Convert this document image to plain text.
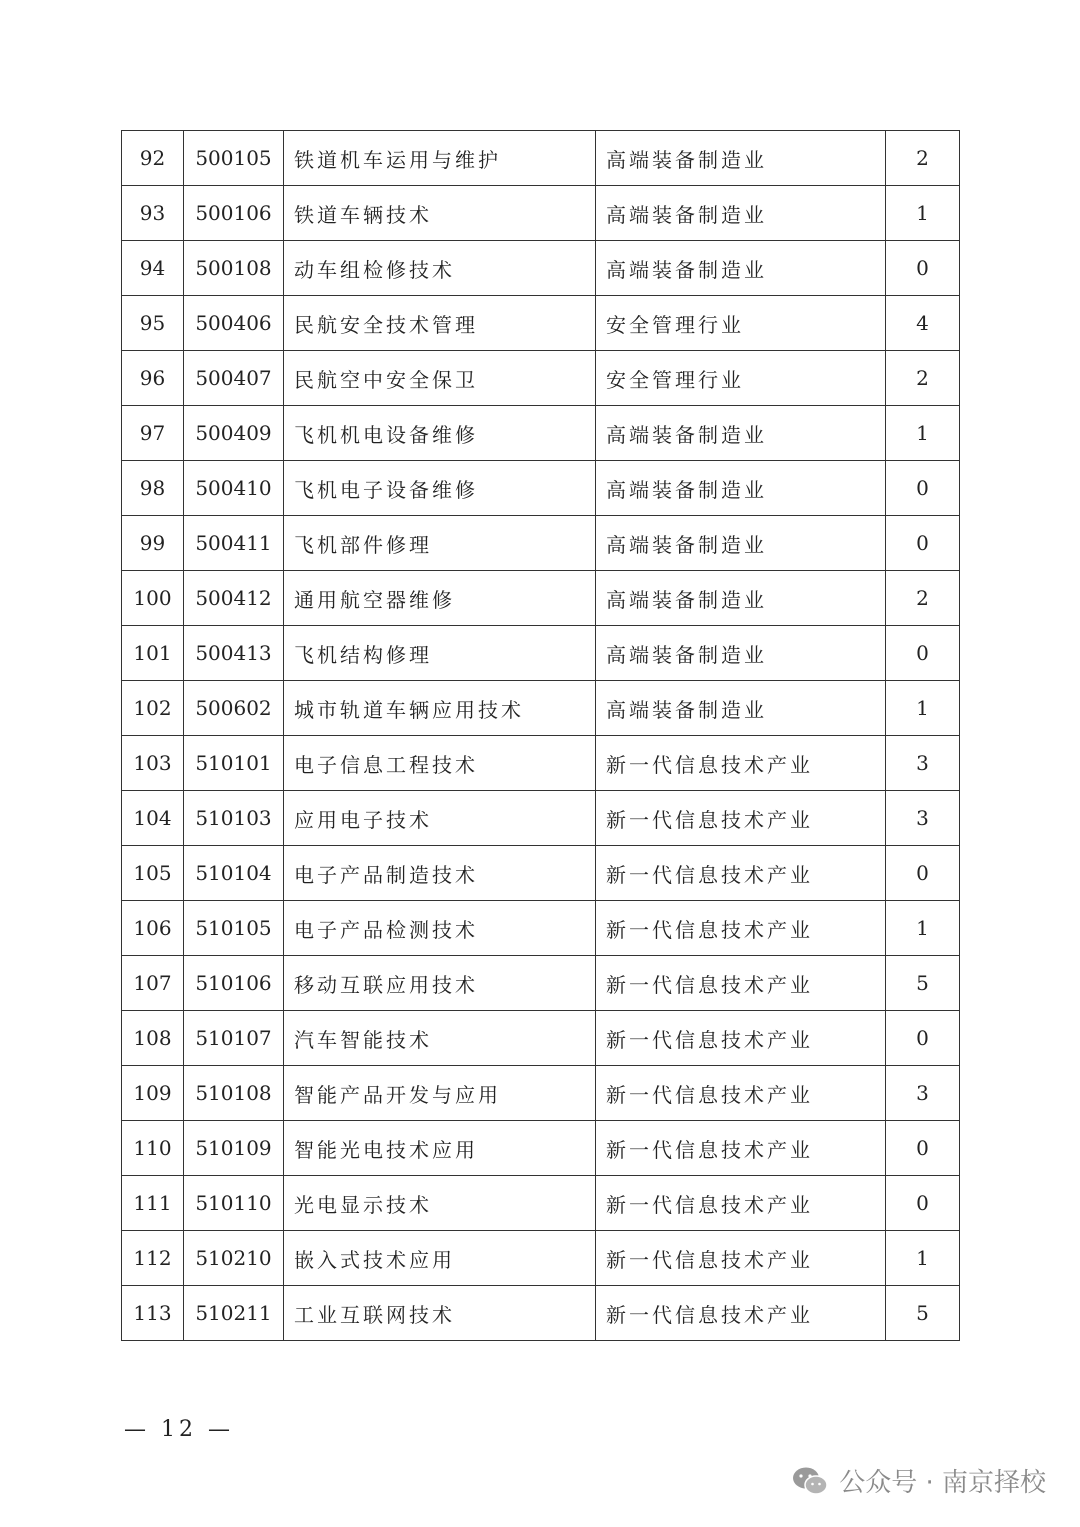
92	500105	铁道机车运用与维护	高端装备制造业	2
93	500106	铁道车辆技术	高端装备制造业	1
94	500108	动车组检修技术	高端装备制造业	0
95	500406	民航安全技术管理	安全管理行业	4
96	500407	民航空中安全保卫	安全管理行业	2
97	500409	飞机机电设备维修	高端装备制造业	1
98	500410	飞机电子设备维修	高端装备制造业	0
99	500411	飞机部件修理	高端装备制造业	0
100	500412	通用航空器维修	高端装备制造业	2
101	500413	飞机结构修理	高端装备制造业	0
102	500602	城市轨道车辆应用技术	高端装备制造业	1
103	510101	电子信息工程技术	新一代信息技术产业	3
104	510103	应用电子技术	新一代信息技术产业	3
105	510104	电子产品制造技术	新一代信息技术产业	0
106	510105	电子产品检测技术	新一代信息技术产业	1
107	510106	移动互联应用技术	新一代信息技术产业	5
108	510107	汽车智能技术	新一代信息技术产业	0
109	510108	智能产品开发与应用	新一代信息技术产业	3
110	510109	智能光电技术应用	新一代信息技术产业	0
111	510110	光电显示技术	新一代信息技术产业	0
112	510210	嵌入式技术应用	新一代信息技术产业	1
113	510211	工业互联网技术	新一代信息技术产业	5
— 12 —
公众号 · 南京择校
